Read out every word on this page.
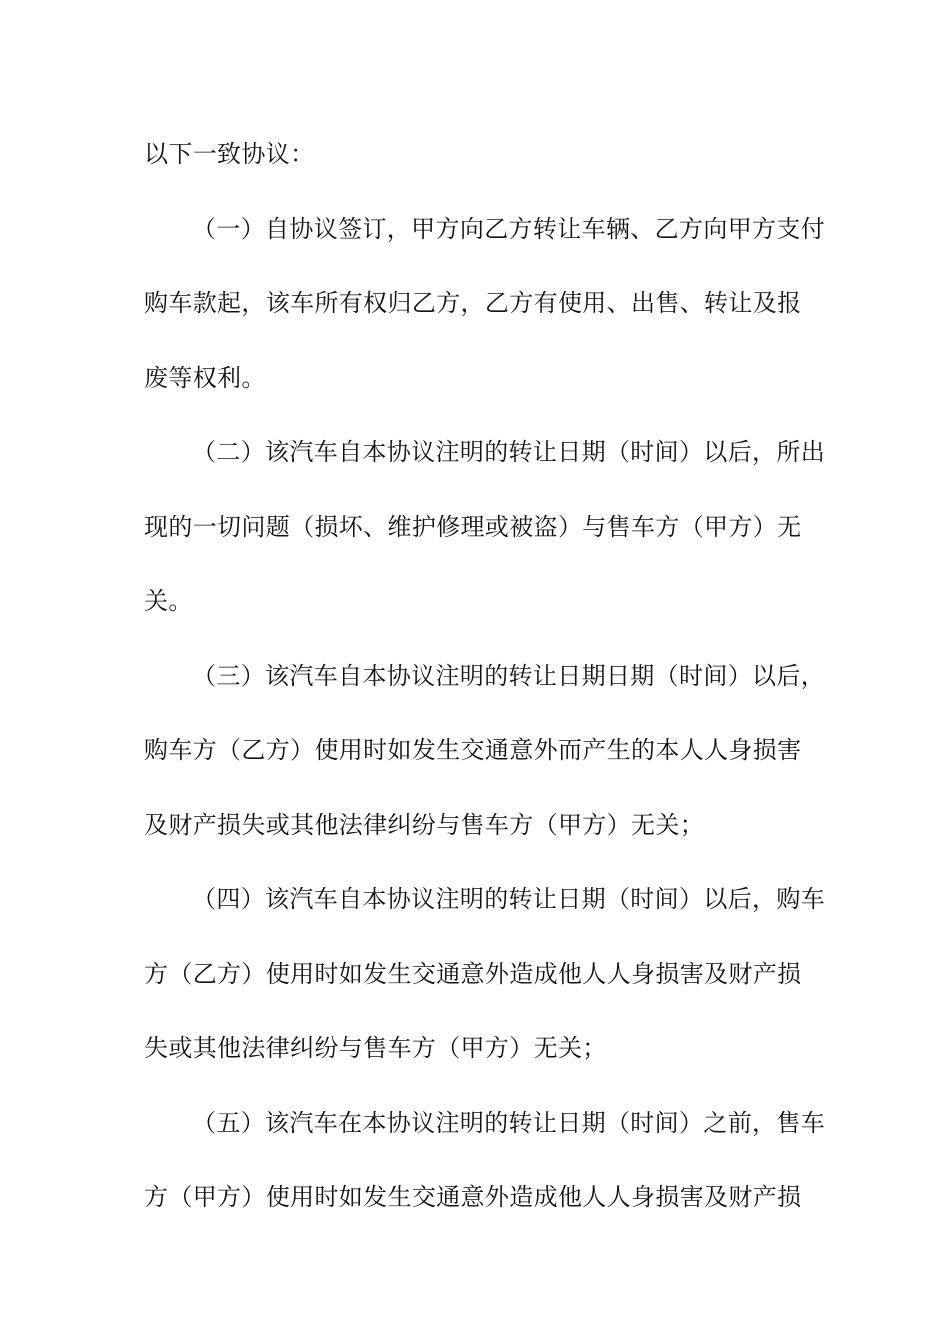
以下一致协议：
（一）自协议签订，甲方向乙方转让车辆、乙方向甲方支付
购车款起，该车所有权归乙方，乙方有使用、出售、转让及报
废等权利。
（二）该汽车自本协议注明的转让日期（时间）以后，所出
现的一切问题（损坏、维护修理或被盗）与售车方（甲方）无
关。
（三）该汽车自本协议注明的转让日期日期（时间）以后，
购车方（乙方）使用时如发生交通意外而产生的本人人身损害
及财产损失或其他法律纠纷与售车方（甲方）无关；
（四）该汽车自本协议注明的转让日期（时间）以后，购车
方（乙方）使用时如发生交通意外造成他人人身损害及财产损
失或其他法律纠纷与售车方（甲方）无关；
（五）该汽车在本协议注明的转让日期（时间）之前，售车
方（甲方）使用时如发生交通意外造成他人人身损害及财产损
